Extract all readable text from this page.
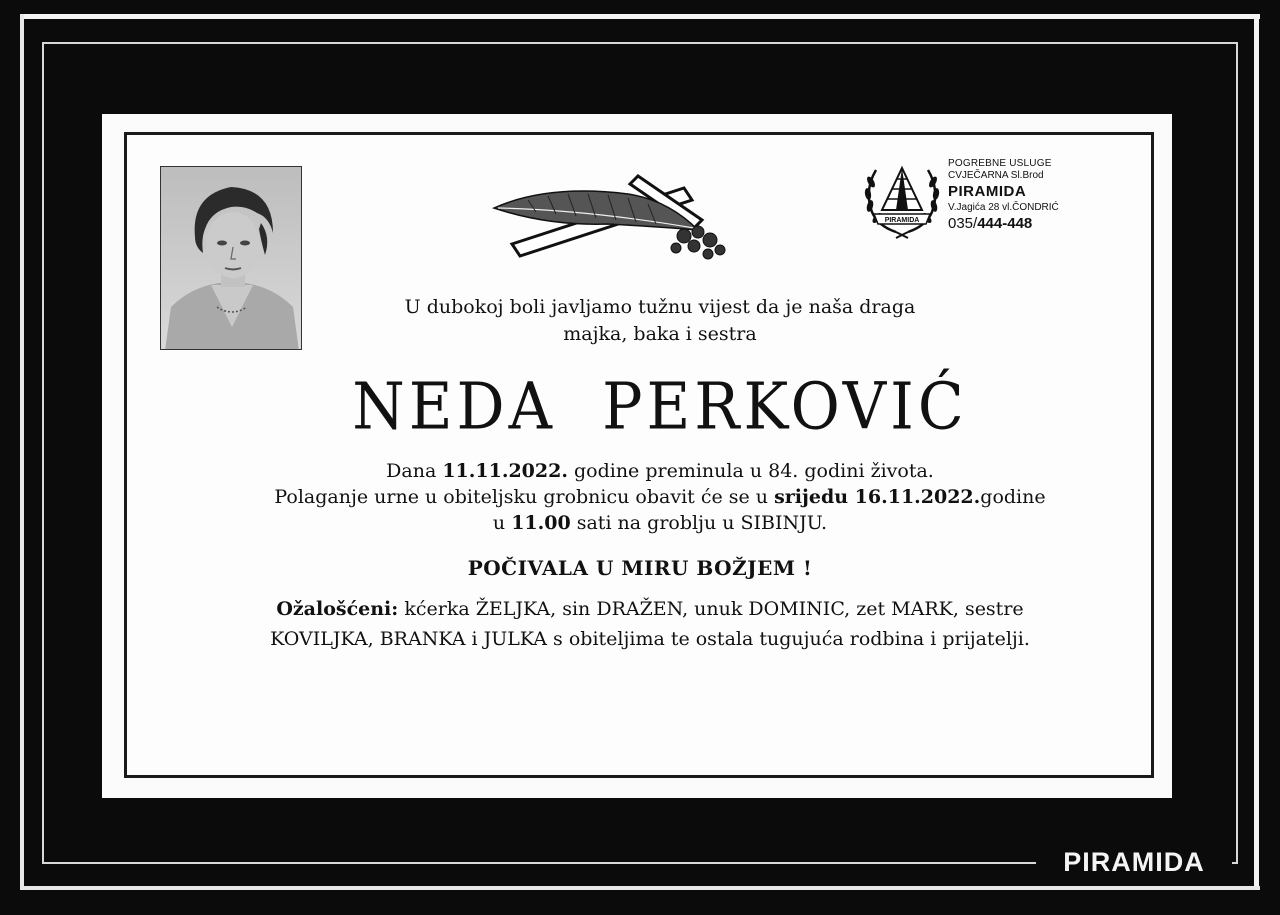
PIRAMIDA
POGREBNE USLUGE
CVJEČARNA Sl.Brod
PIRAMIDA
V.Jagića 28 vl.ČONDRIĆ
035/444-448
U dubokoj boli javljamo tužnu vijest da je naša draga
majka, baka i sestra
NEDA  PERKOVIĆ
Dana 11.11.2022. godine preminula u 84. godini života.
Polaganje urne u obiteljsku grobnicu obavit će se u srijedu 16.11.2022.godine
u 11.00 sati na groblju u SIBINJU.
POČIVALA U MIRU BOŽJEM !
Ožalošćeni: kćerka ŽELJKA, sin DRAŽEN, unuk DOMINIC, zet MARK, sestre
KOVILJKA, BRANKA i JULKA s obiteljima te ostala tugujuća rodbina i prijatelji.
PIRAMIDA
